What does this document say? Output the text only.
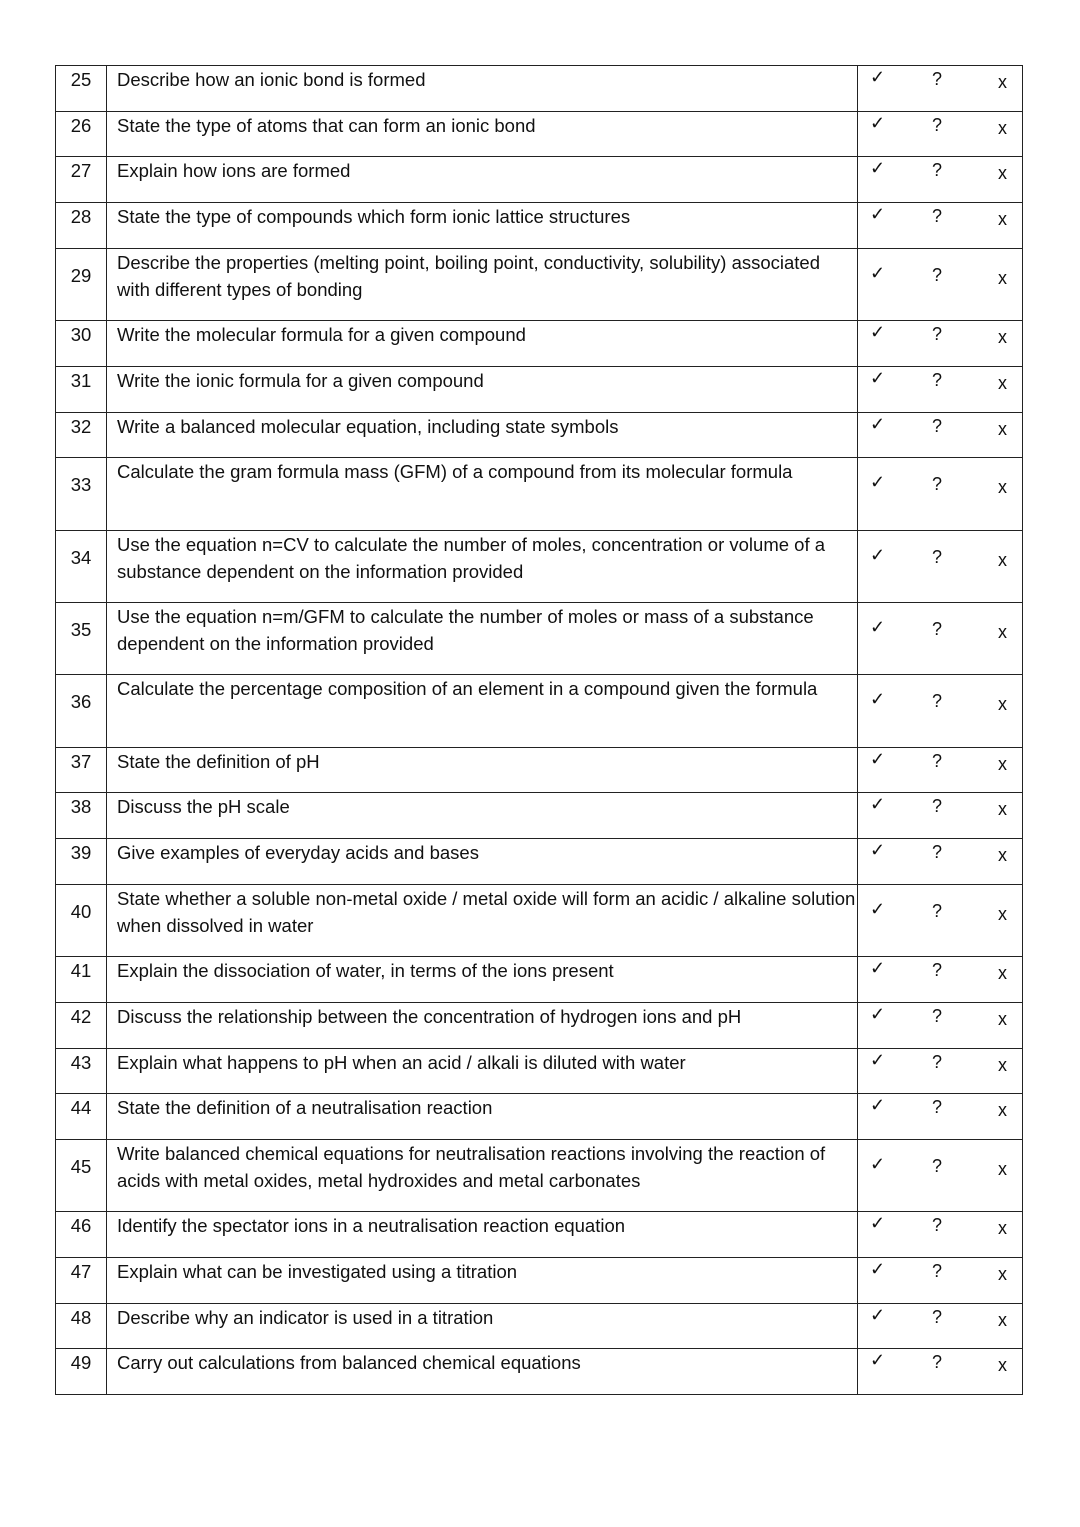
25	Describe how an ionic bond is formed	✓ ? x

26	State the type of atoms that can form an ionic bond	✓ ? x

27	Explain how ions are formed	✓ ? x

28	State the type of compounds which form ionic lattice structures	✓ ? x

29	Describe the properties (melting point, boiling point, conductivity, solubility) associated with different types of bonding	✓ ? x

30	Write the molecular formula for a given compound	✓ ? x

31	Write the ionic formula for a given compound	✓ ? x

32	Write a balanced molecular equation, including state symbols	✓ ? x

33	Calculate the gram formula mass (GFM) of a compound from its molecular formula	✓ ? x

34	Use the equation n=CV to calculate the number of moles, concentration or volume of a substance dependent on the information provided	✓ ? x

35	Use the equation n=m/GFM to calculate the number of moles or mass of a substance dependent on the information provided	✓ ? x

36	Calculate the percentage composition of an element in a compound given the formula	✓ ? x

37	State the definition of pH	✓ ? x

38	Discuss the pH scale	✓ ? x

39	Give examples of everyday acids and bases	✓ ? x

40	State whether a soluble non-metal oxide / metal oxide will form an acidic / alkaline solution when dissolved in water	✓ ? x

41	Explain the dissociation of water, in terms of the ions present	✓ ? x

42	Discuss the relationship between the concentration of hydrogen ions and pH	✓ ? x

43	Explain what happens to pH when an acid / alkali is diluted with water	✓ ? x

44	State the definition of a neutralisation reaction	✓ ? x

45	Write balanced chemical equations for neutralisation reactions involving the reaction of acids with metal oxides, metal hydroxides and metal carbonates	✓ ? x

46	Identify the spectator ions in a neutralisation reaction equation	✓ ? x

47	Explain what can be investigated using a titration	✓ ? x

48	Describe why an indicator is used in a titration	✓ ? x

49	Carry out calculations from balanced chemical equations	✓ ? x
